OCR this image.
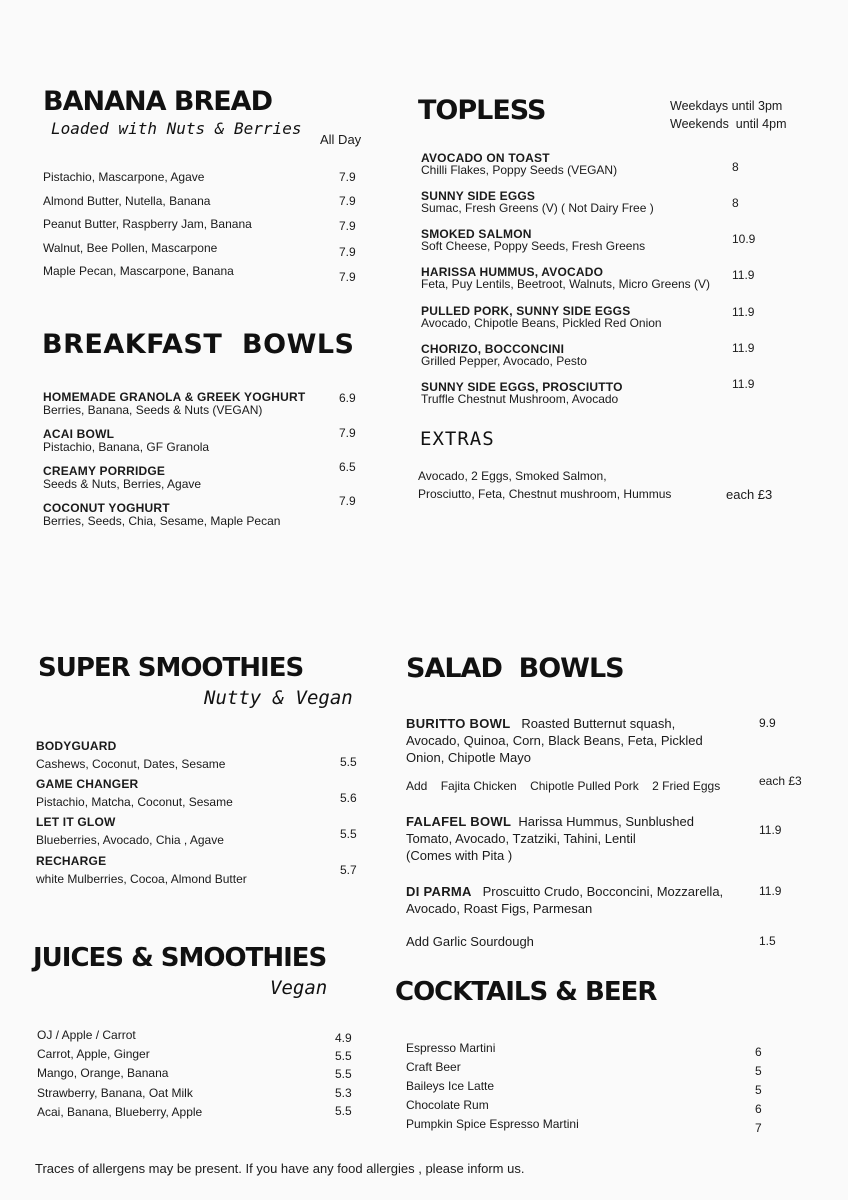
BANANA BREAD
Loaded with Nuts & Berries
All Day
Pistachio, Mascarpone, Agave	7.9
Almond Butter, Nutella, Banana	7.9
Peanut Butter, Raspberry Jam, Banana	7.9
Walnut, Bee Pollen, Mascarpone	7.9
Maple Pecan, Mascarpone, Banana	7.9
BREAKFAST  BOWLS
HOMEMADE GRANOLA & GREEK YOGHURT
Berries, Banana, Seeds & Nuts (VEGAN)
6.9
ACAI BOWL
Pistachio, Banana, GF Granola
7.9
CREAMY PORRIDGE
Seeds & Nuts, Berries, Agave
6.5
COCONUT YOGHURT
Berries, Seeds, Chia, Sesame, Maple Pecan
7.9
TOPLESS	Weekdays until 3pm
Weekends  until 4pm
AVOCADO ON TOAST
Chilli Flakes, Poppy Seeds (VEGAN)	8
SUNNY SIDE EGGS
Sumac, Fresh Greens (V) ( Not Dairy Free )	8
SMOKED SALMON
Soft Cheese, Poppy Seeds, Fresh Greens	10.9
HARISSA HUMMUS, AVOCADO
Feta, Puy Lentils, Beetroot, Walnuts, Micro Greens (V)
11.9
PULLED PORK, SUNNY SIDE EGGS
Avocado, Chipotle Beans, Pickled Red Onion
11.9
CHORIZO, BOCCONCINI
Grilled Pepper, Avocado, Pesto
11.9
SUNNY SIDE EGGS, PROSCIUTTO
Truffle Chestnut Mushroom, Avocado
11.9
EXTRAS
Avocado, 2 Eggs, Smoked Salmon,
Prosciutto, Feta, Chestnut mushroom, Hummus	each £3
SUPER SMOOTHIES
Nutty & Vegan
BODYGUARD
Cashews, Coconut, Dates, Sesame	5.5
GAME CHANGER
Pistachio, Matcha, Coconut, Sesame	5.6
LET IT GLOW
Blueberries, Avocado, Chia , Agave	5.5
RECHARGE
white Mulberries, Cocoa, Almond Butter
5.7
JUICES & SMOOTHIES
Vegan
OJ / Apple / Carrot	4.9
Carrot, Apple, Ginger	5.5
Mango, Orange, Banana	5.5
Strawberry, Banana, Oat Milk	5.3
Acai, Banana, Blueberry, Apple	5.5
SALAD  BOWLS
BURITTO BOWL Roasted Butternut squash,
Avocado, Quinoa, Corn, Black Beans, Feta, Pickled
Onion, Chipotle Mayo
9.9
Add Fajita Chicken Chipotle Pulled Pork 2 Fried Eggs	each £3
FALAFEL BOWL Harissa Hummus, Sunblushed
Tomato, Avocado, Tzatziki, Tahini, Lentil
(Comes with Pita )
11.9
DI PARMA Proscuitto Crudo, Bocconcini, Mozzarella,
Avocado, Roast Figs, Parmesan
11.9
Add Garlic Sourdough	1.5
COCKTAILS & BEER
Espresso Martini	6
Craft Beer	5
Baileys Ice Latte	5
Chocolate Rum	6
Pumpkin Spice Espresso Martini	7
Traces of allergens may be present. If you have any food allergies , please inform us.
